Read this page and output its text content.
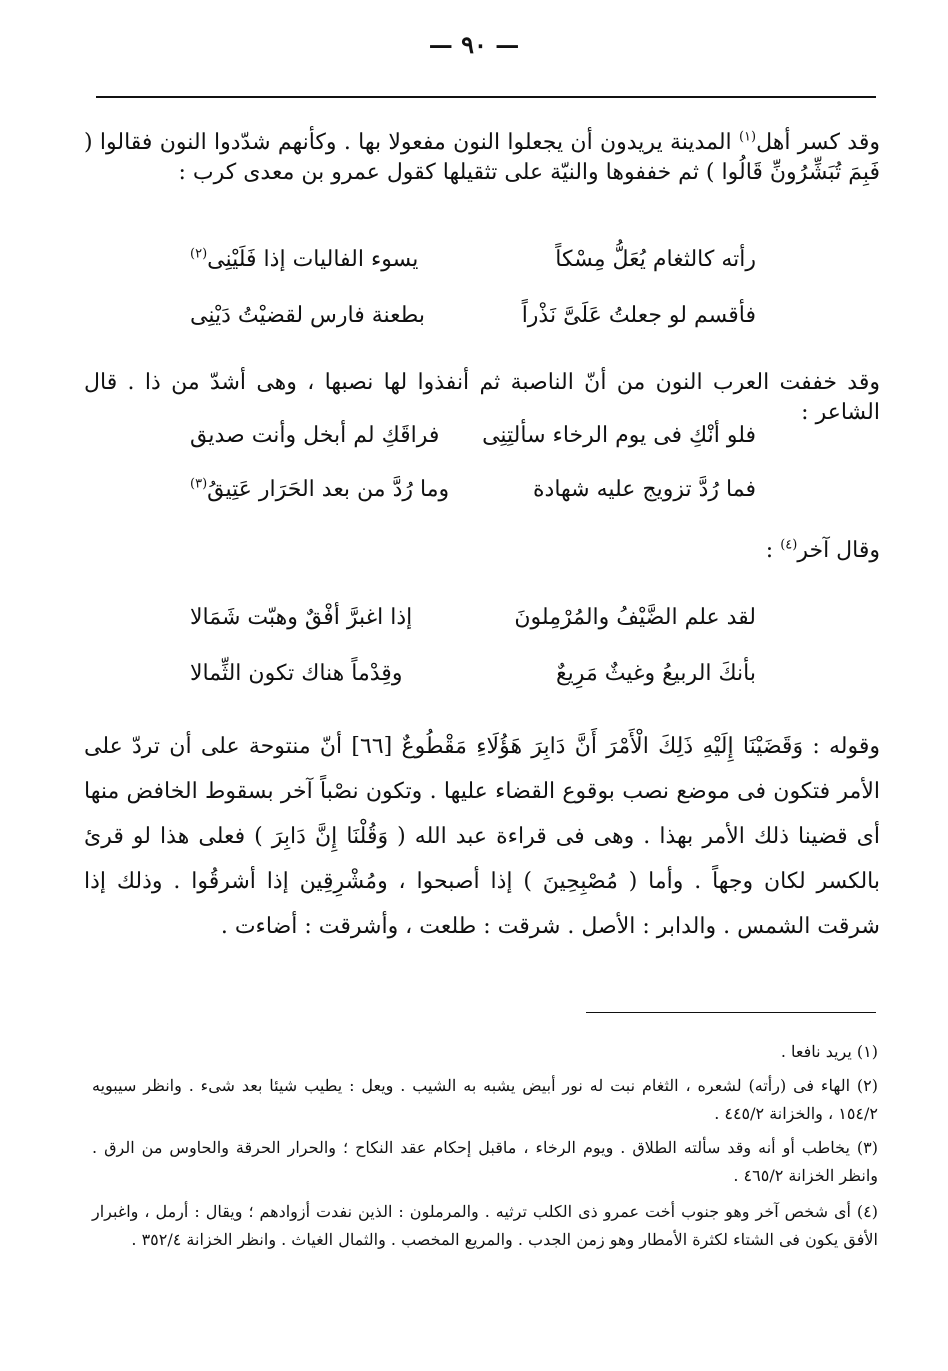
— ٩٠ —
وقد كسر أهل$^{(١)}$ المدينة يريدون أن يجعلوا النون مفعولا بها . وكأنهم شدّدوا النون فقالوا ( فَبِمَ تُبَشِّرُونِّ قَالُوا ) ثم خففوها والنيّة على تثقيلها كقول عمرو بن معدى كرب :
رأته كالثغام يُعَلُّ مِسْكاً
يسوء الفاليات إذا فَلَيْنِى$^{(٢)}$
فأقسم لو جعلتُ عَلَىَّ نَذْراً
بطعنة فارس لقضيْتُ دَيْنِى
وقد خففت العرب النون من أنّ الناصبة ثم أنفذوا لها نصبها ، وهى أشدّ من ذا . قال الشاعر :
فلو أنْكِ فى يوم الرخاء سألتِنِى
فراقَكِ لم أبخل وأنت صديق
فما رُدَّ تزويج عليه شهادة
وما رُدَّ من بعد الحَرَار عَتِيقُ$^{(٣)}$
وقال آخر$^{(٤)}$ :
لقد علم الضَّيْفُ والمُرْمِلونَ
إذا اغبرَّ أفْقٌ وهبّت شَمَالا
بأنكَ الربيعُ وغيثٌ مَرِيعٌ
وقِدْماً هناك تكون الثِّمالا
وقوله : وَقَضَيْنَا إِلَيْهِ ذَلِكَ الْأَمْرَ أَنَّ دَابِرَ هَؤُلَاءِ مَقْطُوعٌ [٦٦] أنّ منتوحة على أن تردّ على الأمر فتكون فى موضع نصب بوقوع القضاء عليها . وتكون نصْباً آخر بسقوط الخافض منها أى قضينا ذلك الأمر بهذا . وهى فى قراءة عبد الله ( وَقُلْنَا إِنَّ دَابِرَ ) فعلى هذا لو قرئ بالكسر لكان وجهاً . وأما ( مُصْبِحِينَ ) إذا أصبحوا ، ومُشْرِقِين إذا أشرقُوا . وذلك إذا شرقت الشمس . والدابر : الأصل . شرقت : طلعت ، وأشرقت : أضاءت .
(١) يريد نافعا .
(٢) الهاء فى (رأته) لشعره ، الثغام نبت له نور أبيض يشبه به الشيب . ويعل : يطيب شيئا بعد شىء . وانظر سيبويه ١٥٤/٢ ، والخزانة ٤٤٥/٢ .
(٣) يخاطب أو أنه وقد سألته الطلاق . ويوم الرخاء ، ماقبل إحكام عقد النكاح ؛ والحرار الحرقة والحاوس من الرق . وانظر الخزانة ٤٦٥/٢ .
(٤) أى شخص آخر وهو جنوب أخت عمرو ذى الكلب ترثيه . والمرملون : الذين نفدت أزوادهم ؛ ويقال : أرمل ، واغبرار الأفق يكون فى الشتاء لكثرة الأمطار وهو زمن الجدب . والمريع المخصب . والثمال الغياث . وانظر الخزانة ٣٥٢/٤ .
